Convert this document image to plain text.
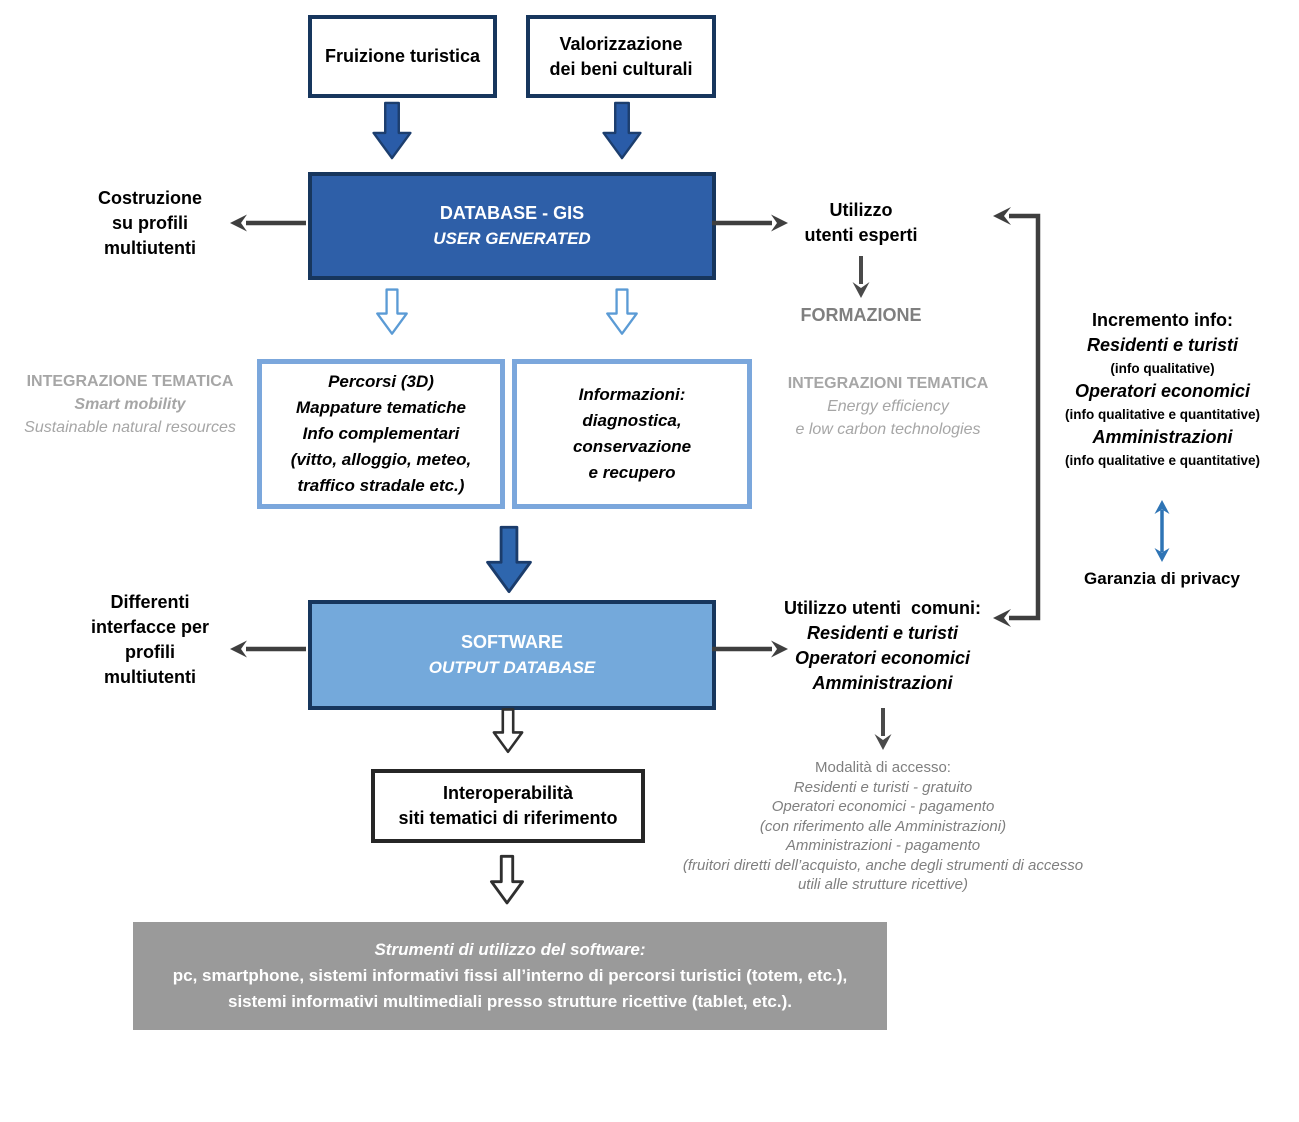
Fruizione turistica
Valorizzazione
dei beni culturali
DATABASE - GIS
USER GENERATED
Costruzione
su profili
multiutenti
Utilizzo
utenti esperti
FORMAZIONE
Percorsi (3D)
Mappature tematiche
Info complementari
(vitto, alloggio, meteo,
traffico stradale etc.)
Informazioni:
diagnostica,
conservazione
e recupero
INTEGRAZIONE TEMATICA
Smart mobility
Sustainable natural resources
INTEGRAZIONI TEMATICA
Energy efficiency
e low carbon technologies
Incremento info:
Residenti e turisti
(info qualitative)
Operatori economici
(info qualitative e quantitative)
Amministrazioni
(info qualitative e quantitative)
Garanzia di privacy
SOFTWARE
OUTPUT DATABASE
Differenti
interfacce per
profili
multiutenti
Utilizzo utenti  comuni:
Residenti e turisti
Operatori economici
Amministrazioni
Modalità di accesso:
Residenti e turisti - gratuito
Operatori economici - pagamento
(con riferimento alle Amministrazioni)
Amministrazioni - pagamento
(fruitori diretti dell’acquisto, anche degli strumenti di accesso
utili alle strutture ricettive)
Interoperabilità
siti tematici di riferimento
Strumenti di utilizzo del software:
pc, smartphone, sistemi informativi fissi all’interno di percorsi turistici (totem, etc.),
sistemi informativi multimediali presso strutture ricettive (tablet, etc.).
